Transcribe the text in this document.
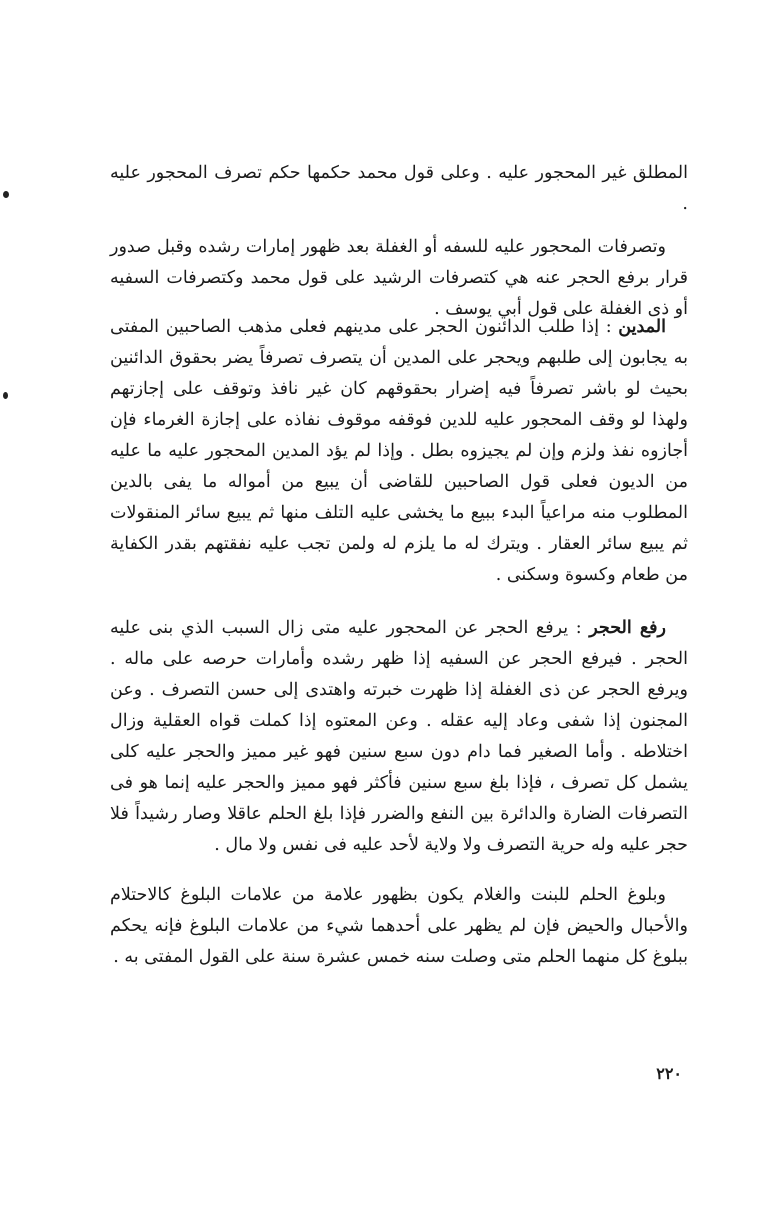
المطلق غير المحجور عليه . وعلى قول محمد حكمها حكم تصرف المحجور عليه .

وتصرفات المحجور عليه للسفه أو الغفلة بعد ظهور إمارات رشده وقبل صدور قرار برفع الحجر عنه هي كتصرفات الرشيد على قول محمد وكتصرفات السفيه أو ذى الغفلة على قول أبي يوسف .

المدين : إذا طلب الدائنون الحجر على مدينهم فعلى مذهب الصاحبين المفتى به يجابون إلى طلبهم ويحجر على المدين أن يتصرف تصرفاً يضر بحقوق الدائنين بحيث لو باشر تصرفاً فيه إضرار بحقوقهم كان غير نافذ وتوقف على إجازتهم ولهذا لو وقف المحجور عليه للدين فوقفه موقوف نفاذه على إجازة الغرماء فإن أجازوه نفذ ولزم وإن لم يجيزوه بطل . وإذا لم يؤد المدين المحجور عليه ما عليه من الديون فعلى قول الصاحبين للقاضى أن يبيع من أمواله ما يفى بالدين المطلوب منه مراعياً البدء ببيع ما يخشى عليه التلف منها ثم يبيع سائر المنقولات ثم يبيع سائر العقار . ويترك له ما يلزم له ولمن تجب عليه نفقتهم بقدر الكفاية من طعام وكسوة وسكنى .

رفع الحجر : يرفع الحجر عن المحجور عليه متى زال السبب الذي بنى عليه الحجر . فيرفع الحجر عن السفيه إذا ظهر رشده وأمارات حرصه على ماله . ويرفع الحجر عن ذى الغفلة إذا ظهرت خبرته واهتدى إلى حسن التصرف . وعن المجنون إذا شفى وعاد إليه عقله . وعن المعتوه إذا كملت قواه العقلية وزال اختلاطه . وأما الصغير فما دام دون سبع سنين فهو غير مميز والحجر عليه كلى يشمل كل تصرف ، فإذا بلغ سبع سنين فأكثر فهو مميز والحجر عليه إنما هو فى التصرفات الضارة والدائرة بين النفع والضرر فإذا بلغ الحلم عاقلا وصار رشيداً فلا حجر عليه وله حرية التصرف ولا ولاية لأحد عليه فى نفس ولا مال .

وبلوغ الحلم للبنت والغلام يكون بظهور علامة من علامات البلوغ كالاحتلام والأحبال والحيض فإن لم يظهر على أحدهما شيء من علامات البلوغ فإنه يحكم ببلوغ كل منهما الحلم متى وصلت سنه خمس عشرة سنة على القول المفتى به .

٢٢٠
